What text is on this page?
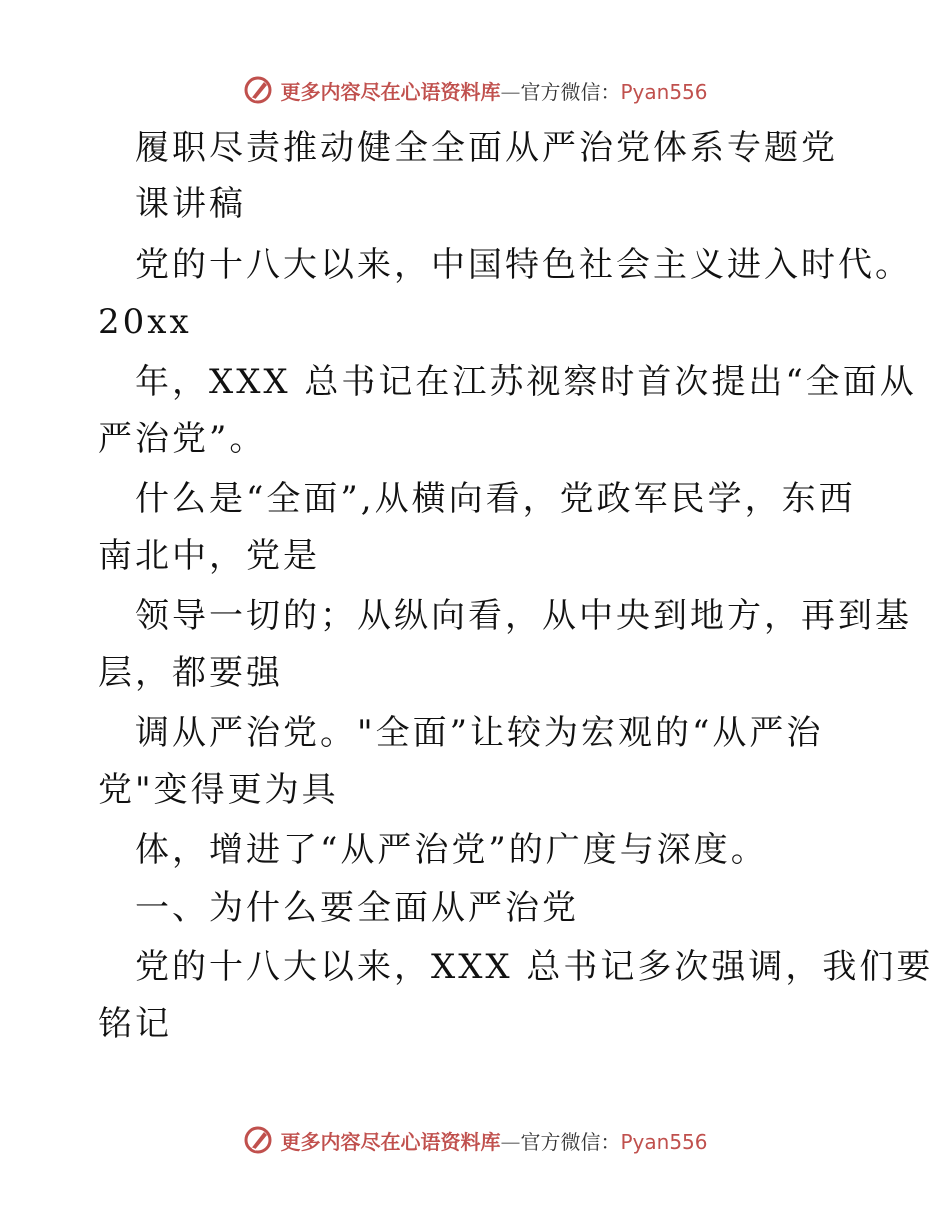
更多内容尽在心语资料库—官方微信：Pyan556
履职尽责推动健全全面从严治党体系专题党
课讲稿
党的十八大以来，中国特色社会主义进入时代。
20xx
年，XXX 总书记在江苏视察时首次提出“全面从
严治党”。
什么是“全面”,从横向看，党政军民学，东西
南北中，党是
领导一切的；从纵向看，从中央到地方，再到基
层，都要强
调从严治党。"全面”让较为宏观的“从严治
党"变得更为具
体，增进了“从严治党”的广度与深度。
一、为什么要全面从严治党
党的十八大以来，XXX 总书记多次强调，我们要
铭记
更多内容尽在心语资料库—官方微信：Pyan556
